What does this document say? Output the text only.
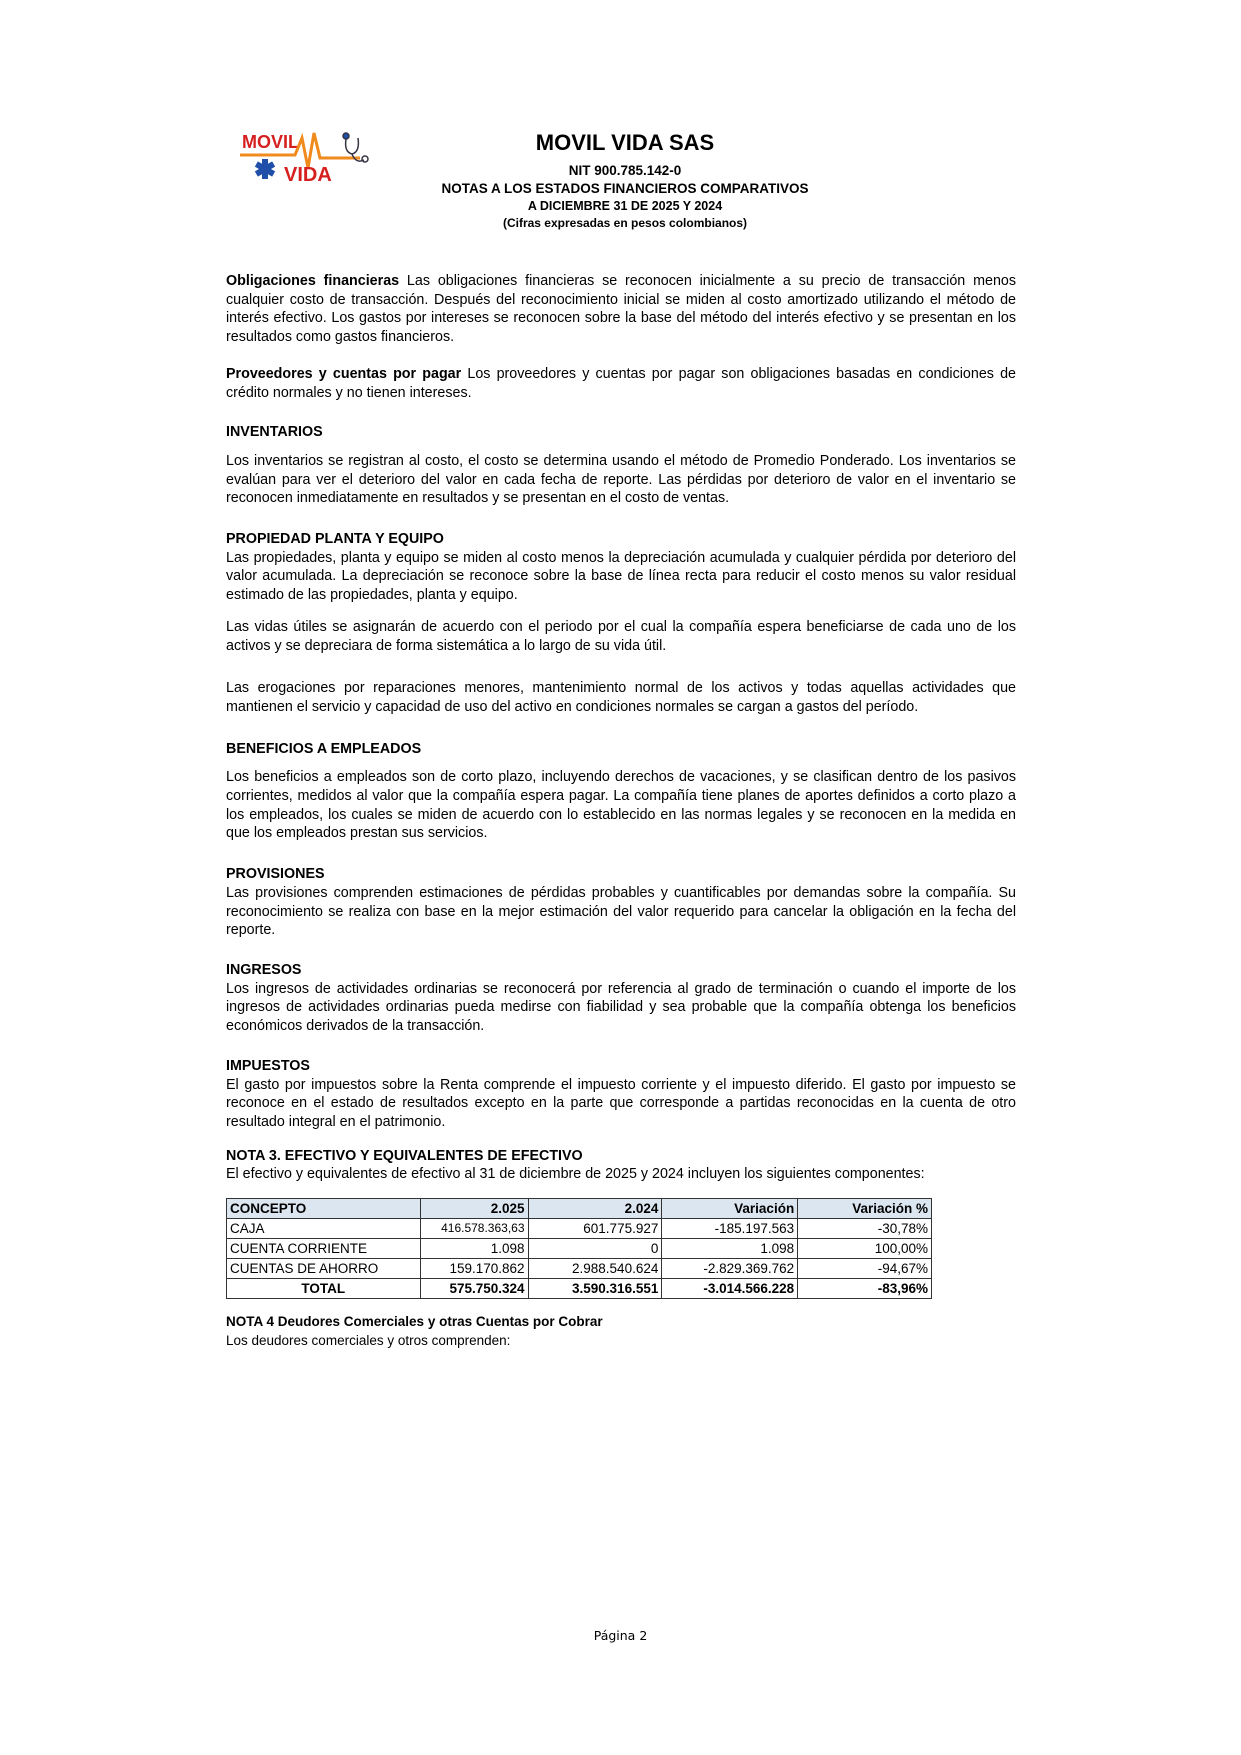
MOVIL
VIDA
MOVIL VIDA SAS
NIT 900.785.142-0
NOTAS A LOS ESTADOS FINANCIEROS COMPARATIVOS
A DICIEMBRE 31 DE 2025 Y 2024
(Cifras expresadas en pesos colombianos)

Obligaciones financieras Las obligaciones financieras se reconocen inicialmente a su precio de transacción menos cualquier costo de transacción. Después del reconocimiento inicial se miden al costo amortizado utilizando el método de interés efectivo. Los gastos por intereses se reconocen sobre la base del método del interés efectivo y se presentan en los resultados como gastos financieros.

Proveedores y cuentas por pagar Los proveedores y cuentas por pagar son obligaciones basadas en condiciones de crédito normales y no tienen intereses.

INVENTARIOS

Los inventarios se registran al costo, el costo se determina usando el método de Promedio Ponderado. Los inventarios se evalúan para ver el deterioro del valor en cada fecha de reporte. Las pérdidas por deterioro de valor en el inventario se reconocen inmediatamente en resultados y se presentan en el costo de ventas.

PROPIEDAD PLANTA Y EQUIPO

Las propiedades, planta y equipo se miden al costo menos la depreciación acumulada y cualquier pérdida por deterioro del valor acumulada. La depreciación se reconoce sobre la base de línea recta para reducir el costo menos su valor residual estimado de las propiedades, planta y equipo.

Las vidas útiles se asignarán de acuerdo con el periodo por el cual la compañía espera beneficiarse de cada uno de los activos y se depreciara de forma sistemática a lo largo de su vida útil.

Las erogaciones por reparaciones menores, mantenimiento normal de los activos y todas aquellas actividades que mantienen el servicio y capacidad de uso del activo en condiciones normales se cargan a gastos del período.

BENEFICIOS A EMPLEADOS

Los beneficios a empleados son de corto plazo, incluyendo derechos de vacaciones, y se clasifican dentro de los pasivos corrientes, medidos al valor que la compañía espera pagar. La compañía tiene planes de aportes definidos a corto plazo a los empleados, los cuales se miden de acuerdo con lo establecido en las normas legales y se reconocen en la medida en que los empleados prestan sus servicios.

PROVISIONES

Las provisiones comprenden estimaciones de pérdidas probables y cuantificables por demandas sobre la compañía. Su reconocimiento se realiza con base en la mejor estimación del valor requerido para cancelar la obligación en la fecha del reporte.

INGRESOS

Los ingresos de actividades ordinarias se reconocerá por referencia al grado de terminación o cuando el importe de los ingresos de actividades ordinarias pueda medirse con fiabilidad y sea probable que la compañía obtenga los beneficios económicos derivados de la transacción.

IMPUESTOS

El gasto por impuestos sobre la Renta comprende el impuesto corriente y el impuesto diferido. El gasto por impuesto se reconoce en el estado de resultados excepto en la parte que corresponde a partidas reconocidas en la cuenta de otro resultado integral en el patrimonio.

NOTA 3. EFECTIVO Y EQUIVALENTES DE EFECTIVO

El efectivo y equivalentes de efectivo al 31 de diciembre de 2025 y 2024 incluyen los siguientes componentes:

CONCEPTO	2.025	2.024	Variación	Variación %
CAJA	416.578.363,63	601.775.927	-185.197.563	-30,78%
CUENTA CORRIENTE	1.098	0	1.098	100,00%
CUENTAS DE AHORRO	159.170.862	2.988.540.624	-2.829.369.762	-94,67%
TOTAL	575.750.324	3.590.316.551	-3.014.566.228	-83,96%

NOTA 4 Deudores Comerciales y otras Cuentas por Cobrar

Los deudores comerciales y otros comprenden:

Página 2
